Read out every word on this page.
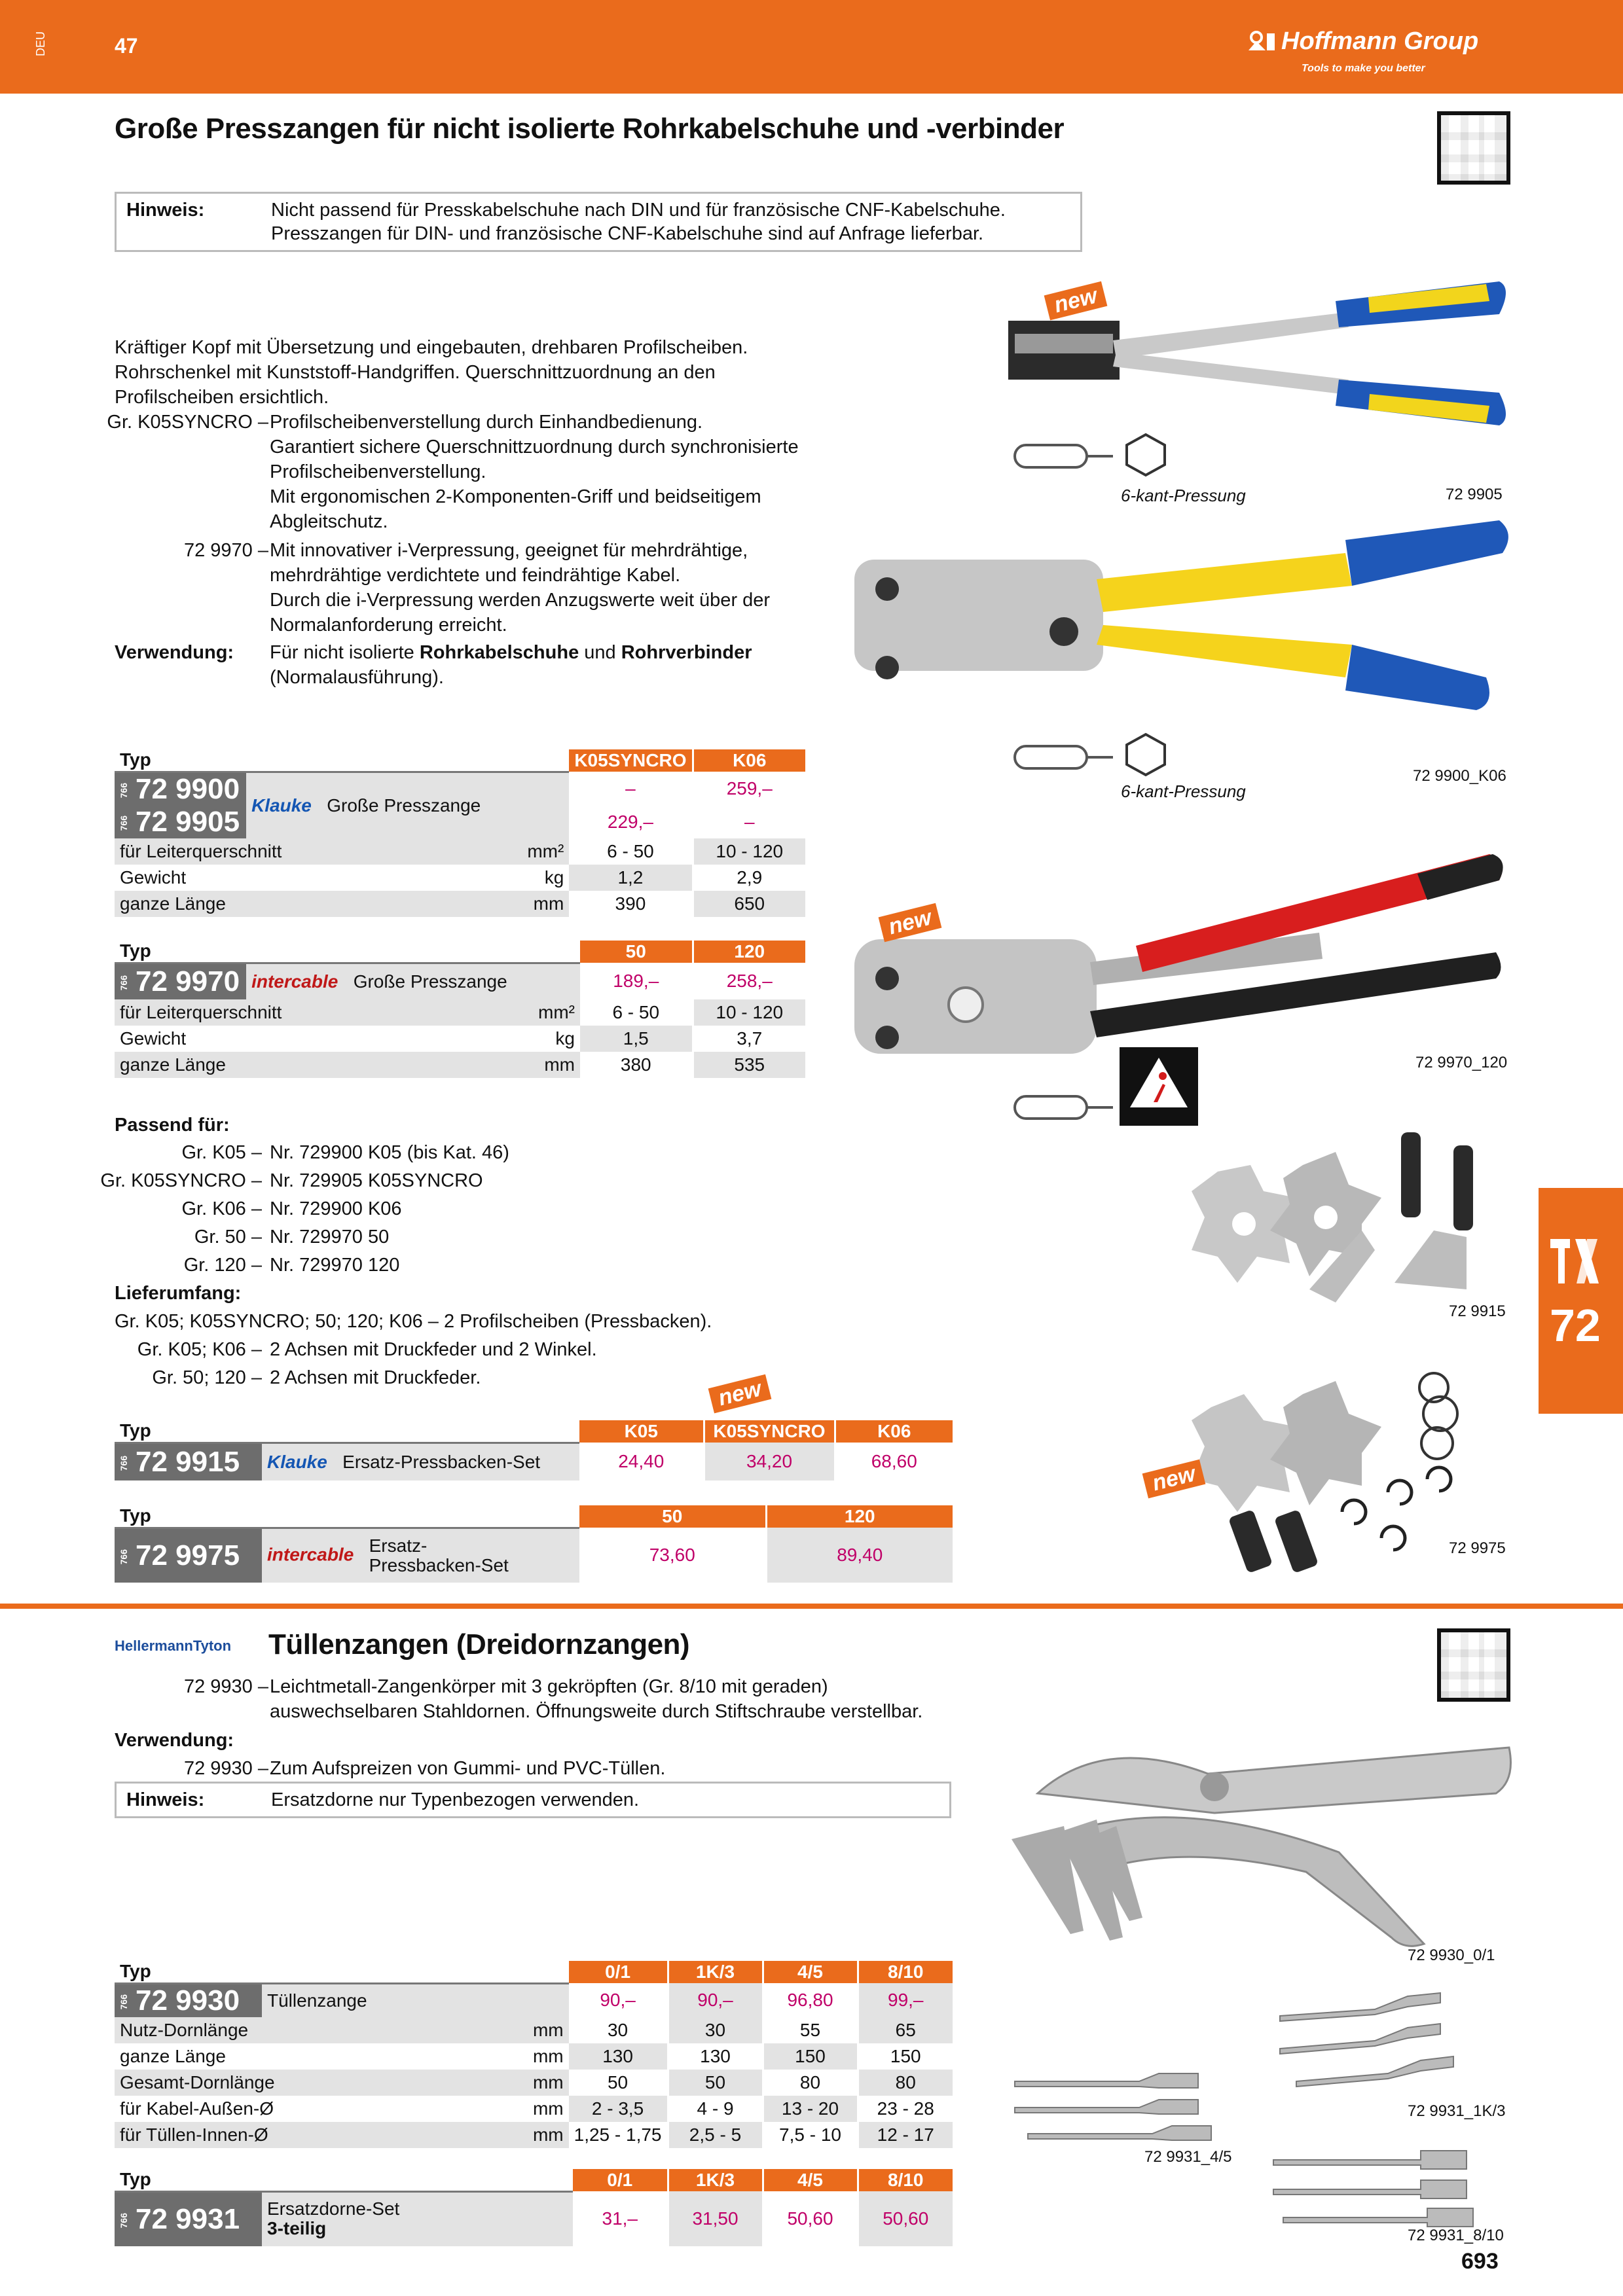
DEU	47	Hoffmann Group
Tools to make you better
Große Presszangen für nicht isolierte Rohrkabelschuhe und -verbinder
Hinweis:	Nicht passend für Presskabelschuhe nach DIN und für französische CNF-Kabelschuhe.
Presszangen für DIN- und französische CNF-Kabelschuhe sind auf Anfrage lieferbar.
Kräftiger Kopf mit Übersetzung und eingebauten, drehbaren Profilscheiben.
Rohrschenkel mit Kunststoff-Handgriffen. Querschnittzuordnung an den
Profilscheiben ersichtlich.
Gr. K05SYNCRO – Profilscheibenverstellung durch Einhandbedienung.
Garantiert sichere Querschnittzuordnung durch synchronisierte
Profilscheibenverstellung.
Mit ergonomischen 2-Komponenten-Griff und beidseitigem
Abgleitschutz.
72 9970 – Mit innovativer i-Verpressung, geeignet für mehrdrähtige,
mehrdrähtige verdichtete und feindrähtige Kabel.
Durch die i-Verpressung werden Anzugswerte weit über der
Normalanforderung erreicht.
Verwendung: Für nicht isolierte Rohrkabelschuhe und Rohrverbinder
(Normalausführung).
new
6-kant-Pressung	72 9905
6-kant-Pressung
72 9900_K06
Typ			K05SYNCRO	K06
766 72 9900	Klauke Große Presszange		–	259,–
766 72 9905			229,–	–
für Leiterquerschnitt		mm²	6 - 50	10 - 120
Gewicht		kg	1,2	2,9
ganze Länge		mm	390	650
Typ			50	120
766 72 9970	intercable Große Presszange		189,–	258,–
für Leiterquerschnitt		mm²	6 - 50	10 - 120
Gewicht		kg	1,5	3,7
ganze Länge		mm	380	535
new
72 9970_120
Passend für:
Gr. K05 – Nr. 729900 K05 (bis Kat. 46)
Gr. K05SYNCRO – Nr. 729905 K05SYNCRO
Gr. K06 – Nr. 729900 K06
Gr. 50 – Nr. 729970 50
Gr. 120 – Nr. 729970 120
Lieferumfang:
Gr. K05; K05SYNCRO; 50; 120; K06 – 2 Profilscheiben (Pressbacken).
Gr. K05; K06 – 2 Achsen mit Druckfeder und 2 Winkel.
Gr. 50; 120 – 2 Achsen mit Druckfeder.
72 9915
new
72 9975
72
new
Typ		K05	K05SYNCRO	K06
766 72 9915	Klauke Ersatz-Pressbacken-Set	24,40	34,20	68,60
Typ		50	120
766 72 9975	intercable Ersatz-
Pressbacken-Set	73,60	89,40
HellermannTyton Tüllenzangen (Dreidornzangen)
72 9930 – Leichtmetall-Zangenkörper mit 3 gekröpften (Gr. 8/10 mit geraden)
auswechselbaren Stahldornen. Öffnungsweite durch Stiftschraube verstellbar.
Verwendung:
72 9930 – Zum Aufspreizen von Gummi- und PVC-Tüllen.
Hinweis:	Ersatzdorne nur Typenbezogen verwenden.
72 9930_0/1
Typ			0/1	1K/3	4/5	8/10
766 72 9930	Tüllenzange		90,–	90,–	96,80	99,–
Nutz-Dornlänge		mm	30	30	55	65
ganze Länge		mm	130	130	150	150
Gesamt-Dornlänge		mm	50	50	80	80
für Kabel-Außen-Ø		mm	2 - 3,5	4 - 9	13 - 20	23 - 28
für Tüllen-Innen-Ø		mm	1,25 - 1,75	2,5 - 5	7,5 - 10	12 - 17
Typ		0/1	1K/3	4/5	8/10
766 72 9931	Ersatzdorne-Set
3-teilig	31,–	31,50	50,60	50,60
72 9931_4/5
72 9931_1K/3
72 9931_8/10
693
